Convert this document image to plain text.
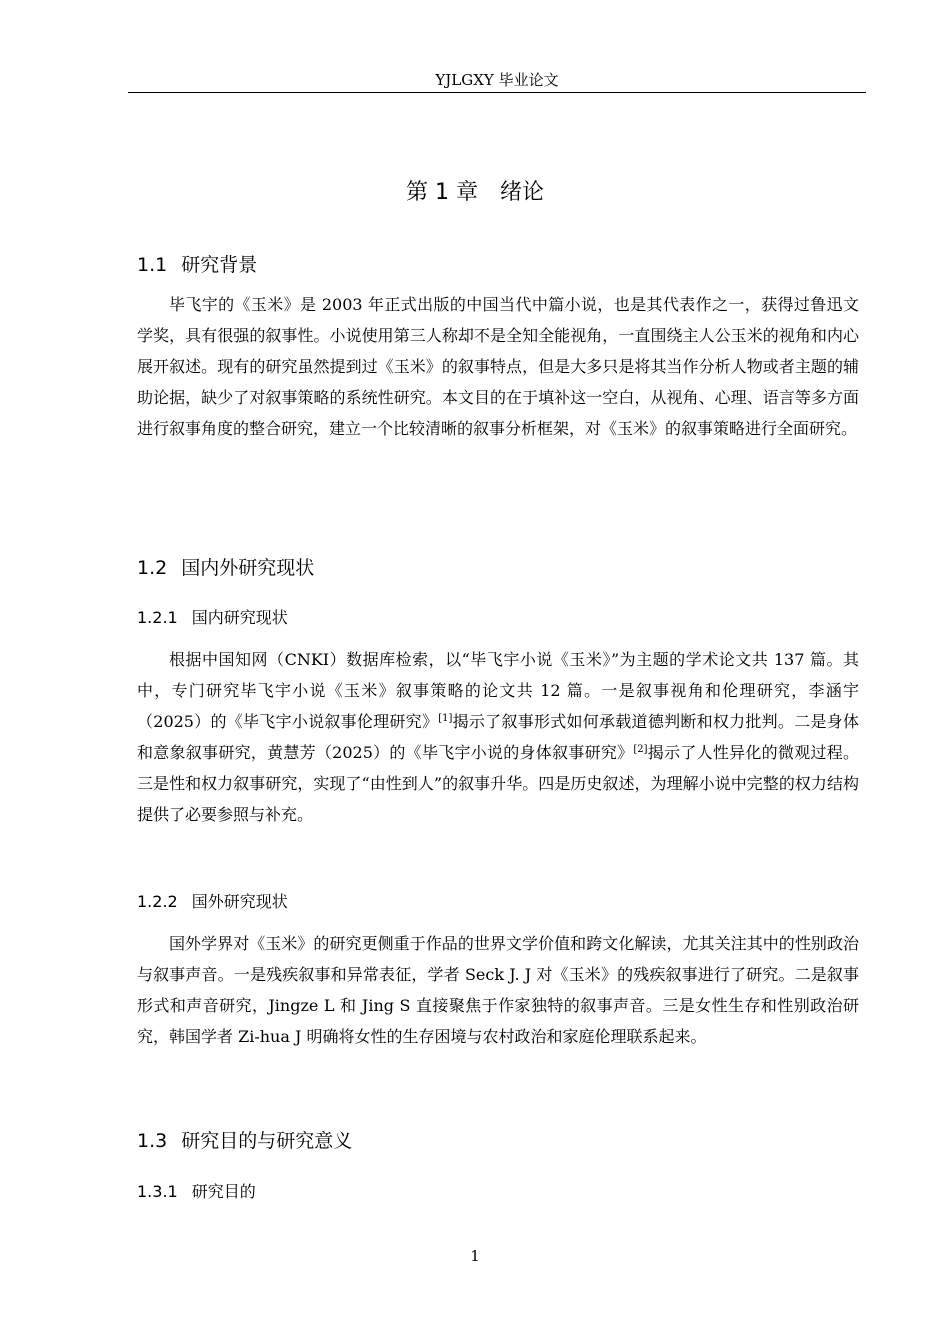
YJLGXY 毕业论文
第 1 章　绪论
1.1 研究背景

毕飞宇的《玉米》是 2003 年正式出版的中国当代中篇小说，也是其代表作之一，获得过鲁迅文学奖，具有很强的叙事性。小说使用第三人称却不是全知全能视角，一直围绕主人公玉米的视角和内心展开叙述。现有的研究虽然提到过《玉米》的叙事特点，但是大多只是将其当作分析人物或者主题的辅助论据，缺少了对叙事策略的系统性研究。本文目的在于填补这一空白，从视角、心理、语言等多方面进行叙事角度的整合研究，建立一个比较清晰的叙事分析框架，对《玉米》的叙事策略进行全面研究。

1.2 国内外研究现状
1.2.1 国内研究现状

根据中国知网（CNKI）数据库检索，以“毕飞宇小说《玉米》”为主题的学术论文共 137 篇。其中，专门研究毕飞宇小说《玉米》叙事策略的论文共 12 篇。一是叙事视角和伦理研究，李涵宇（2025）的《毕飞宇小说叙事伦理研究》[1]揭示了叙事形式如何承载道德判断和权力批判。二是身体和意象叙事研究，黄慧芳（2025）的《毕飞宇小说的身体叙事研究》[2]揭示了人性异化的微观过程。三是性和权力叙事研究，实现了“由性到人”的叙事升华。四是历史叙述，为理解小说中完整的权力结构提供了必要参照与补充。

1.2.2 国外研究现状

国外学界对《玉米》的研究更侧重于作品的世界文学价值和跨文化解读，尤其关注其中的性别政治与叙事声音。一是残疾叙事和异常表征，学者 Seck J. J 对《玉米》的残疾叙事进行了研究。二是叙事形式和声音研究，Jingze L 和 Jing S 直接聚焦于作家独特的叙事声音。三是女性生存和性别政治研究，韩国学者 Zi-hua J 明确将女性的生存困境与农村政治和家庭伦理联系起来。

1.3 研究目的与研究意义
1.3.1 研究目的
1
